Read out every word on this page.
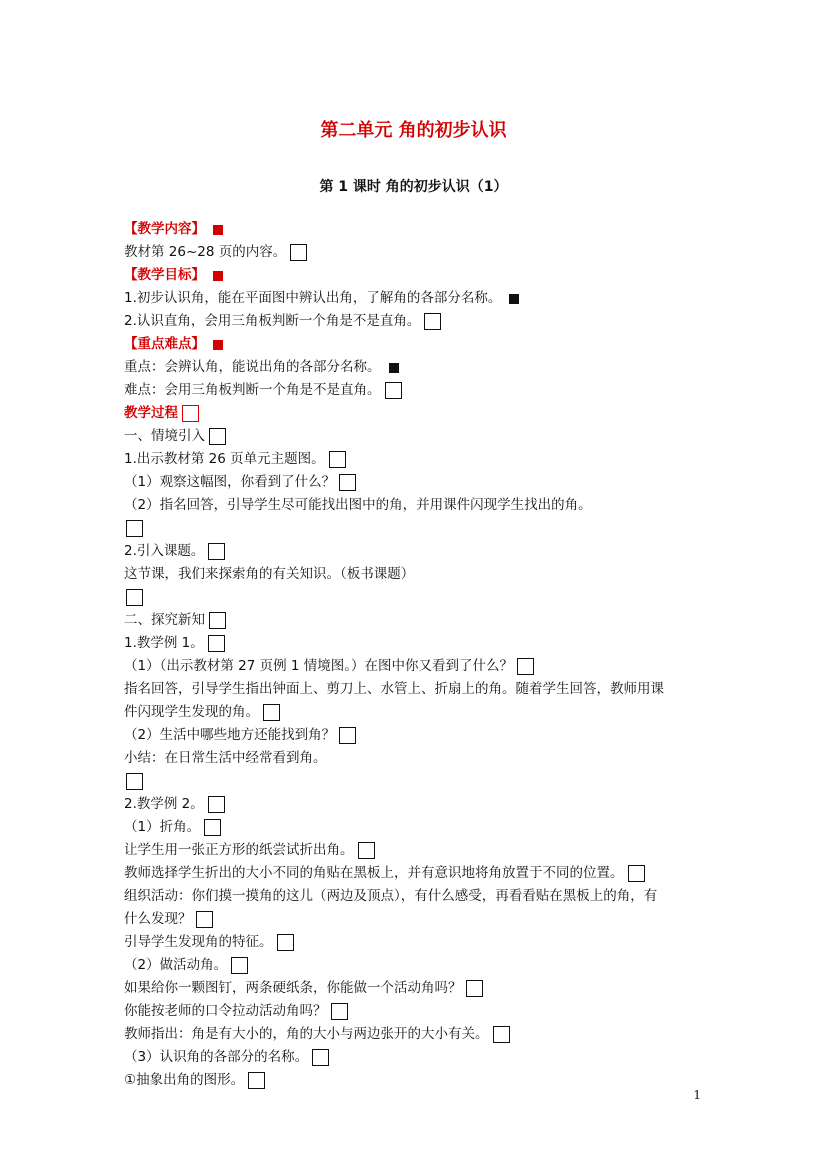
第二单元 角的初步认识
第 1 课时 角的初步认识（1）
【教学内容】
教材第 26~28 页的内容。
【教学目标】
1.初步认识角，能在平面图中辨认出角，了解角的各部分名称。
2.认识直角，会用三角板判断一个角是不是直角。
【重点难点】
重点：会辨认角，能说出角的各部分名称。
难点：会用三角板判断一个角是不是直角。
教学过程
一、情境引入
1.出示教材第 26 页单元主题图。
（1）观察这幅图，你看到了什么？
（2）指名回答，引导学生尽可能找出图中的角，并用课件闪现学生找出的角。
2.引入课题。
这节课，我们来探索角的有关知识。（板书课题）
二、探究新知
1.教学例 1。
（1）（出示教材第 27 页例 1 情境图。）在图中你又看到了什么？
指名回答，引导学生指出钟面上、剪刀上、水管上、折扇上的角。随着学生回答，教师用课
件闪现学生发现的角。
（2）生活中哪些地方还能找到角？
小结：在日常生活中经常看到角。
2.教学例 2。
（1）折角。
让学生用一张正方形的纸尝试折出角。
教师选择学生折出的大小不同的角贴在黑板上，并有意识地将角放置于不同的位置。
组织活动：你们摸一摸角的这儿（两边及顶点），有什么感受，再看看贴在黑板上的角，有
什么发现？
引导学生发现角的特征。
（2）做活动角。
如果给你一颗图钉，两条硬纸条，你能做一个活动角吗？
你能按老师的口令拉动活动角吗？
教师指出：角是有大小的，角的大小与两边张开的大小有关。
（3）认识角的各部分的名称。
①抽象出角的图形。
1
